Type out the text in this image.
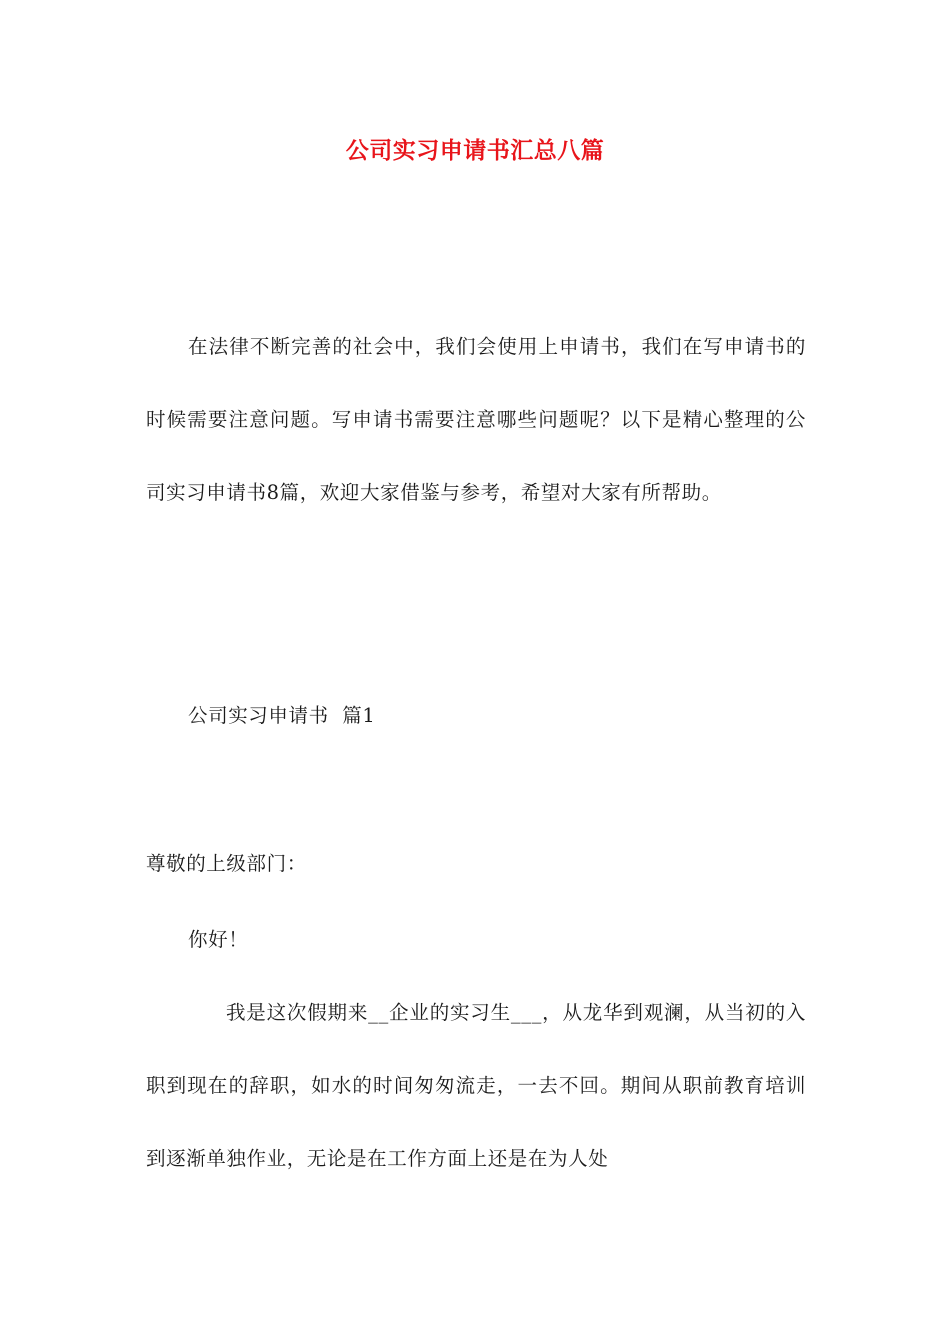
公司实习申请书汇总八篇

在法律不断完善的社会中，我们会使用上申请书，我们在写申请书的时候需要注意问题。写申请书需要注意哪些问题呢？以下是精心整理的公司实习申请书8篇，欢迎大家借鉴与参考，希望对大家有所帮助。

公司实习申请书  篇1
尊敬的上级部门：
你好！

我是这次假期来__企业的实习生___，从龙华到观澜，从当初的入职到现在的辞职，如水的时间匆匆流走，一去不回。期间从职前教育培训到逐渐单独作业，无论是在工作方面上还是在为人处
